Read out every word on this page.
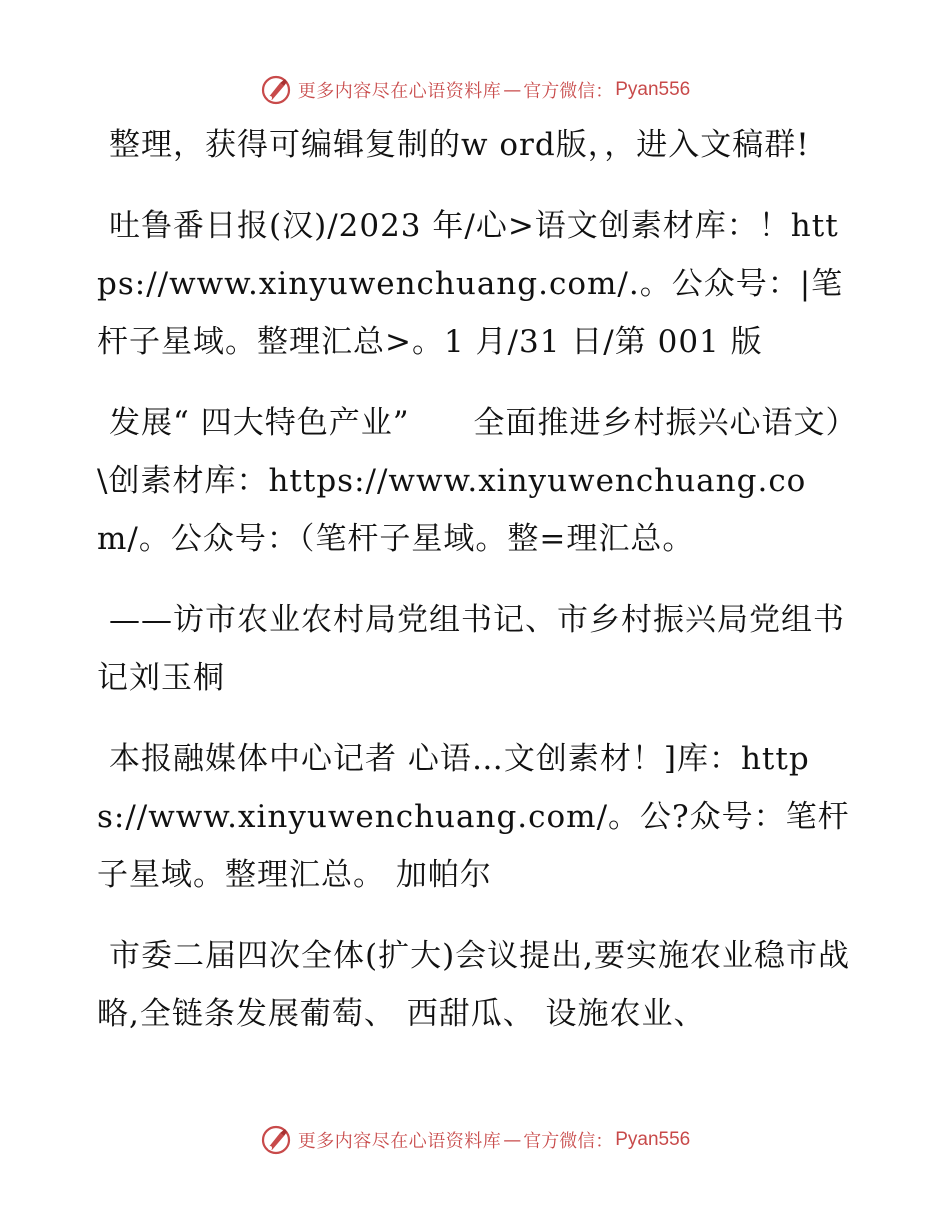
更多内容尽在心语资料库 — 官方微信： Pyan556

整理，获得可编辑复制的w ord版，，进入文稿群!

吐鲁番日报(汉)/2023 年/心>语文创素材库：！https://www.xinyuwenchuang.com/.。公众号：|笔杆子星域。整理汇总>。1 月/31 日/第 001 版

发展“ 四大特色产业”　　全面推进乡村振兴心语文）\创素材库：https://www.xinyuwenchuang.com/。公众号：（笔杆子星域。整=理汇总。

——访市农业农村局党组书记、市乡村振兴局党组书记刘玉桐

本报融媒体中心记者 心语…文创素材！]库：https://www.xinyuwenchuang.com/。公?众号：笔杆子星域。整理汇总。 加帕尔

市委二届四次全体(扩大)会议提出,要实施农业稳市战略,全链条发展葡萄、 西甜瓜、 设施农业、

更多内容尽在心语资料库 — 官方微信： Pyan556
